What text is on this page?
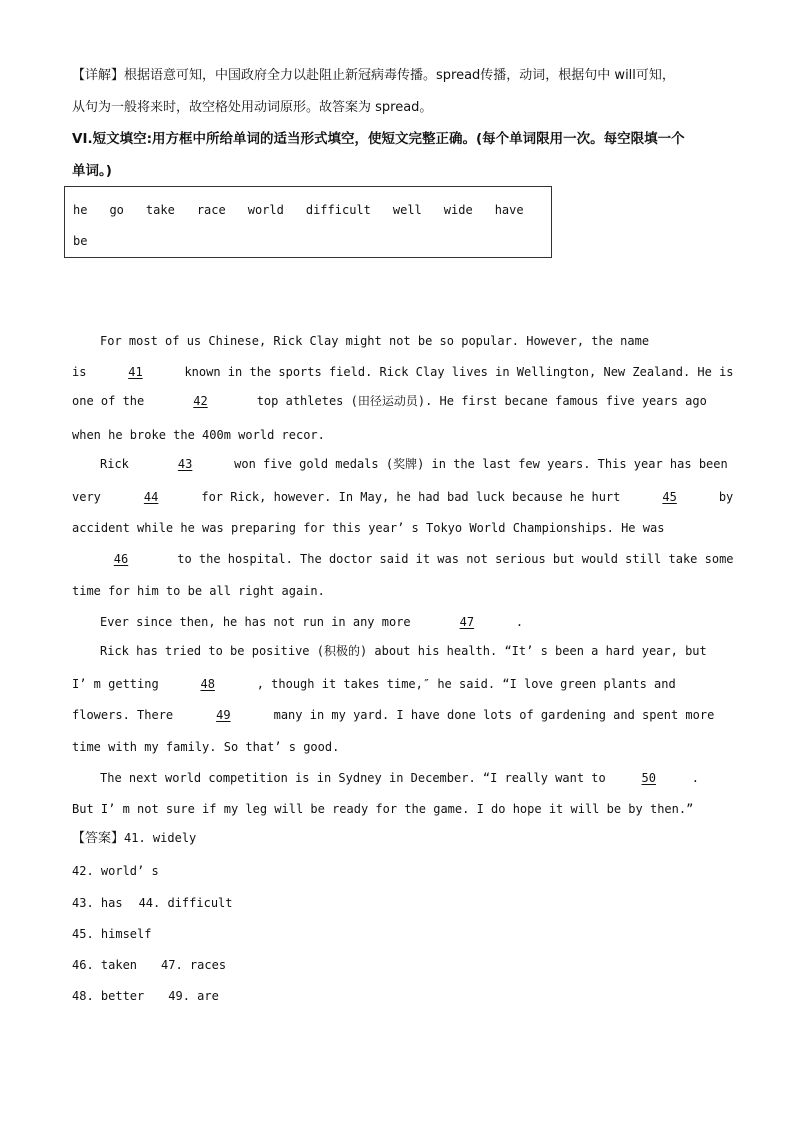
【详解】根据语意可知，中国政府全力以赴阻止新冠病毒传播。spread传播，动词，根据句中 will可知，
从句为一般将来时，故空格处用动词原形。故答案为 spread。
VI.短文填空:用方框中所给单词的适当形式填空，使短文完整正确。(每个单词限用一次。每空限填一个
单词。)
he go take race world difficult well wide have
be
For most of us Chinese, Rick Clay might not be so popular. However, the name
is	41	known in the sports field. Rick Clay lives in Wellington, New Zealand. He is
one of the	42	top athletes (田径运动员). He first becane famous five years ago
when he broke the 400m world recor.
Rick	43	won five gold medals (奖牌) in the last few years. This year has been
very	44	for Rick, however. In May, he had bad luck because he hurt	45	by
accident while he was preparing for this year’ s Tokyo World Championships. He was
46	to the hospital. The doctor said it was not serious but would still take some
time for him to be all right again.
Ever since then, he has not run in any more	47	.
Rick has tried to be positive (积极的) about his health. “It’ s been a hard year, but
I’ m getting	48	, though it takes time,″ he said. “I love green plants and
flowers. There	49	many in my yard. I have done lots of gardening and spent more
time with my family. So that’ s good.
The next world competition is in Sydney in December. “I really want to	50	.
But I’ m not sure if my leg will be ready for the game. I do hope it will be by then.”
【答案】41. widely
42. world’ s
43. has 44. difficult
45. himself
46. taken 47. races
48. better 49. are
